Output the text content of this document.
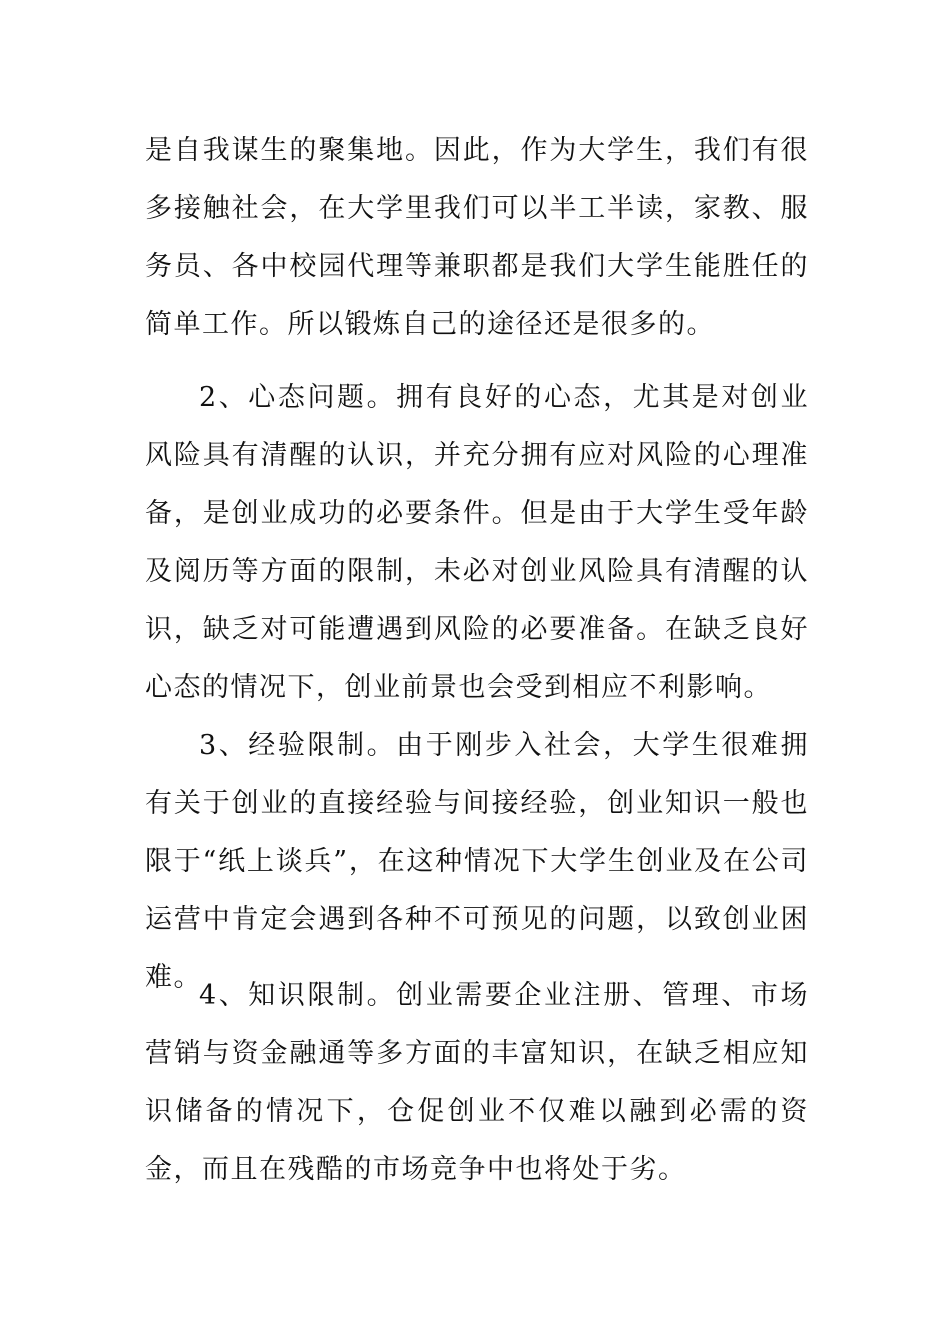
是自我谋生的聚集地。因此，作为大学生，我们有很多接触社会，在大学里我们可以半工半读，家教、服务员、各中校园代理等兼职都是我们大学生能胜任的简单工作。所以锻炼自己的途径还是很多的。

2、心态问题。拥有良好的心态，尤其是对创业风险具有清醒的认识，并充分拥有应对风险的心理准备，是创业成功的必要条件。但是由于大学生受年龄及阅历等方面的限制，未必对创业风险具有清醒的认识，缺乏对可能遭遇到风险的必要准备。在缺乏良好心态的情况下，创业前景也会受到相应不利影响。

3、经验限制。由于刚步入社会，大学生很难拥有关于创业的直接经验与间接经验，创业知识一般也限于“纸上谈兵”，在这种情况下大学生创业及在公司运营中肯定会遇到各种不可预见的问题，以致创业困难。

4、知识限制。创业需要企业注册、管理、市场营销与资金融通等多方面的丰富知识，在缺乏相应知识储备的情况下，仓促创业不仅难以融到必需的资金，而且在残酷的市场竞争中也将处于劣。
